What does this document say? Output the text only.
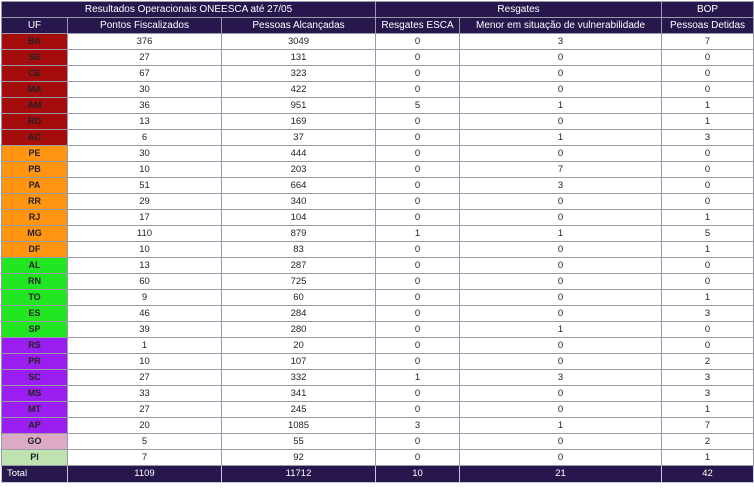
Resultados Operacionais ONEESCA até 27/05			Resgates		BOP
UF	Pontos Fiscalizados	Pessoas Alcançadas	Resgates ESCA	Menor em situação de vulnerabilidade	Pessoas Detidas
BA	376	3049	0	3	7
SE	27	131	0	0	0
CE	67	323	0	0	0
MA	30	422	0	0	0
AM	36	951	5	1	1
RO	13	169	0	0	1
AC	6	37	0	1	3
PE	30	444	0	0	0
PB	10	203	0	7	0
PA	51	664	0	3	0
RR	29	340	0	0	0
RJ	17	104	0	0	1
MG	110	879	1	1	5
DF	10	83	0	0	1
AL	13	287	0	0	0
RN	60	725	0	0	0
TO	9	60	0	0	1
ES	46	284	0	0	3
SP	39	280	0	1	0
RS	1	20	0	0	0
PR	10	107	0	0	2
SC	27	332	1	3	3
MS	33	341	0	0	3
MT	27	245	0	0	1
AP	20	1085	3	1	7
GO	5	55	0	0	2
PI	7	92	0	0	1
Total	1109	11712	10	21	42
